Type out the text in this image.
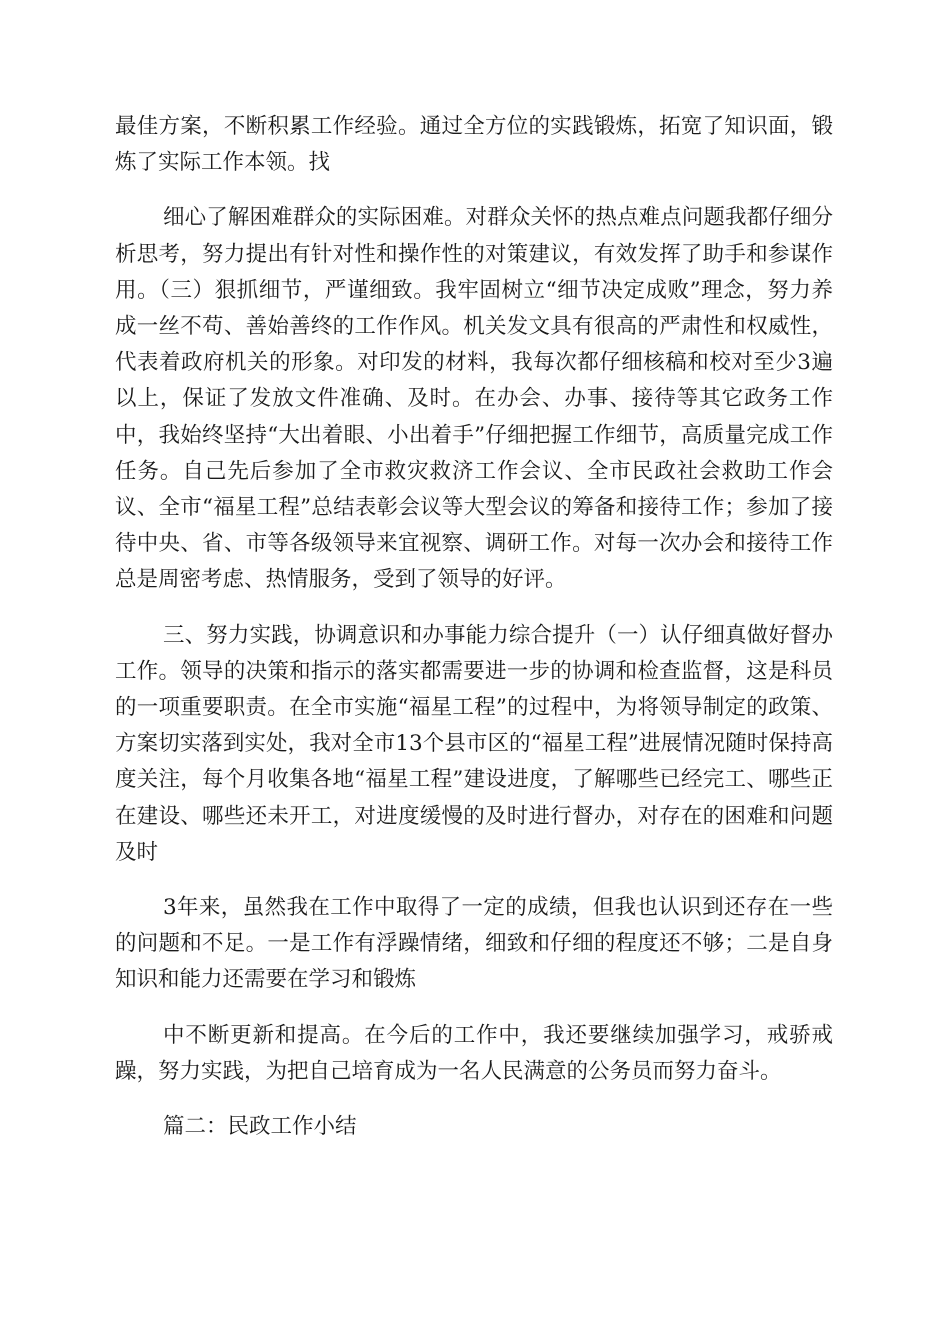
最佳方案，不断积累工作经验。通过全方位的实践锻炼，拓宽了知识面，锻炼了实际工作本领。找

细心了解困难群众的实际困难。对群众关怀的热点难点问题我都仔细分析思考，努力提出有针对性和操作性的对策建议，有效发挥了助手和参谋作用。（三）狠抓细节，严谨细致。我牢固树立“细节决定成败”理念，努力养成一丝不苟、善始善终的工作作风。机关发文具有很高的严肃性和权威性，代表着政府机关的形象。对印发的材料，我每次都仔细核稿和校对至少3遍以上，保证了发放文件准确、及时。在办会、办事、接待等其它政务工作中，我始终坚持“大出着眼、小出着手”仔细把握工作细节，高质量完成工作任务。自己先后参加了全市救灾救济工作会议、全市民政社会救助工作会议、全市“福星工程”总结表彰会议等大型会议的筹备和接待工作；参加了接待中央、省、市等各级领导来宜视察、调研工作。对每一次办会和接待工作总是周密考虑、热情服务，受到了领导的好评。

三、努力实践，协调意识和办事能力综合提升（一）认仔细真做好督办工作。领导的决策和指示的落实都需要进一步的协调和检查监督，这是科员的一项重要职责。在全市实施“福星工程”的过程中，为将领导制定的政策、方案切实落到实处，我对全市13个县市区的“福星工程”进展情况随时保持高度关注，每个月收集各地“福星工程”建设进度，了解哪些已经完工、哪些正在建设、哪些还未开工，对进度缓慢的及时进行督办，对存在的困难和问题及时

3年来，虽然我在工作中取得了一定的成绩，但我也认识到还存在一些的问题和不足。一是工作有浮躁情绪，细致和仔细的程度还不够；二是自身知识和能力还需要在学习和锻炼

中不断更新和提高。在今后的工作中，我还要继续加强学习，戒骄戒躁，努力实践，为把自己培育成为一名人民满意的公务员而努力奋斗。

篇二：民政工作小结
